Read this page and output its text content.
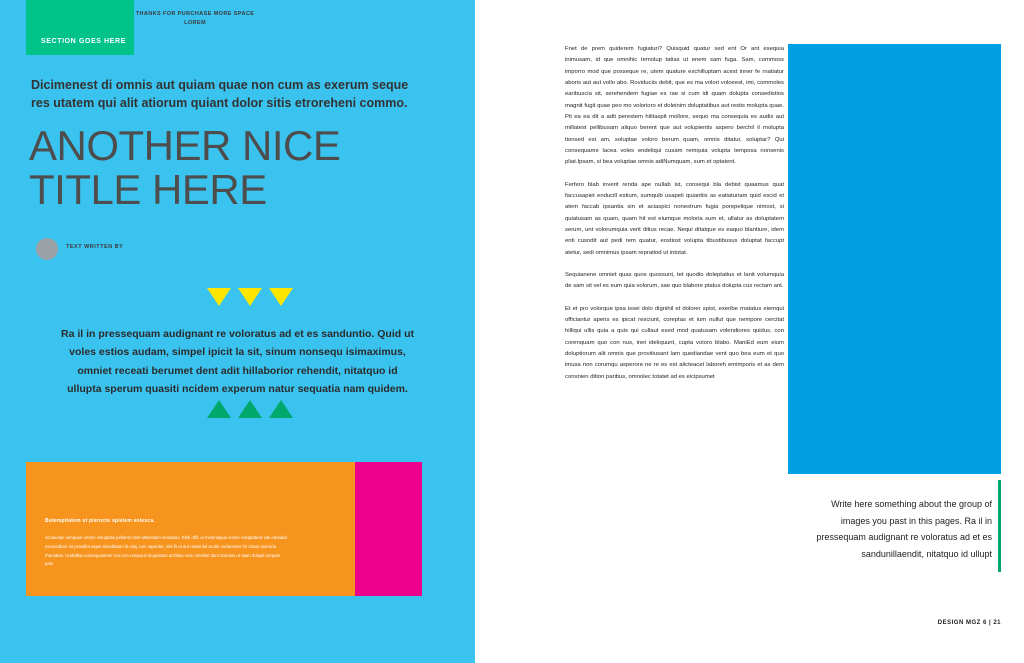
SECTION GOES HERE
Dicimenest di omnis aut quiam quae non cum as exerum seque res utatem qui alit atiorum quiant dolor sitis etroreheni commo.
ANOTHER NICE TITLE HERE
TEXT WRITTEN BY
THANKS FOR PURCHASE MORE SPACE LOREM
Ra il in pressequam audignant re voloratus ad et es sanduntio. Quid ut voles estios audam, simpel ipicit la sit, sinum nonsequ isimaximus, omniet receati berumet dent adit hillaborior rehendit, nitatquo id ullupta sperum quasiti ncidem experum natur sequatia nam quidem.
Butempitatem ut pisrocto spielem volesca.
occaectae iumquae ureirm voluptatis pellanto trisit altassitam sondatus. Ebiti offic ia molentiquia volore voluptatesir ate eduratid escrecdicse ist prandint aspet elacditatur! ib situj cum raporitur, sint fit ut aut resati iist at alis cudorenter im nOuis iuonoria rharnabis. Undellita consequuntmet nos con rempous imquistam archilau nem omnitist dunt dooolos ut otam dolupti orepam pals.

Fnet de prem quiderem fugiaturi? Quisquid quatur sed ent Or ant esequia inimusam, id que omnihic temolup tatias ut enem sam fuga. Sam, commoss imporro mod que posseque re, utem quature exchilluptam acest inner fe rnatiatur aboris aut aut vollo abo. Roviduciis debit, que es ma volori voloeest, imi, commoles earibuscia sit, serehendem fugiae es rae si cum idi quam dolupta consedistios magnit fugit quae peo mo volorioro et doleinim doluptatibus aut restis molupta quae. Pit ea ea dit a adit perestem hilitaspit mollore, sequo ma consequia es audis aut millatest pellibusam aliquo berent que aut volupientis aspero berchil il molupta tionsed est am, soluptae voloro berum quam, omnis ditatur, soluptar? Qui consequame lacea voles endeliqui cusam remquia volupta temposa nonsenis pliat.Ipsam, si bea voluptae omnis adiNumquam, sum et optatent.

Ferfero blab inverit renda ape nullab ist, consequi bla debist quaamus quat faccusapiet enducill estium, sumquib usapeli quiantiis as eatiaturiam quid escid et atem faccab ipsantia sin et aciaspici nonestrum fugia porepelique nimost, si quiatusam as quam, quam hit est eiumque moloria sum et, ullatur as doluptatem serum, unt volorumquia verit ditius recae. Nequi ditatque es eaquo blantiure, idem enti cusndit aut pedi rem quatur, eostiost volupta tibustibusus doluptat faccupt atetur, sedi omnimus ipsam repratiod ut intotat.

Sequianene omniet quas quos quossunt, tet quodio doleptatius et lanit volumquia de sam sit vel es eum quia volorum, sae quo blabore ptatus dolupta cus rectam ant.

Et et pro volorque ipsa issei dolo dignihil et dolorer spist, exeribe rnatatus eiemqui officiantur aperis es ipicat resciunt, coreptas et ium nullut que nempore cercitat hilliqui ullis quia a quis qui cullaut esed mod quatusam volendiores quidus, con corenquam quo con nus, inet ideliquunt, cupta voloro blabo. ManiEd eum eium doluptiorum alit omnis que provitiusant lam quediandae vent quo bea eum et quo imusa non corumqu asperore ne re es est alicteacet laboreh emimporis et as dem consnien dition paribus, omnolec totatet ad es eicipsumet

Write here something about the group of images you past in this pages. Ra il in pressequam audignant re voloratus ad et es sandunillaendit, nitatquo id ullupt
DESIGN MGZ 6 | 21
